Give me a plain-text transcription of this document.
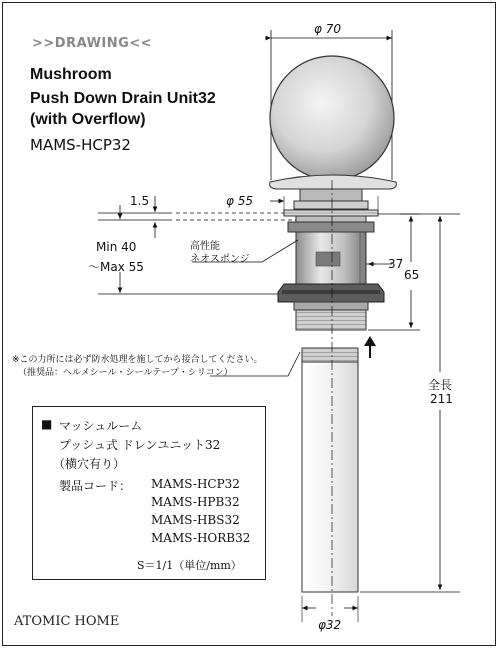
>>DRAWING<<
Mushroom
Push Down Drain Unit32
(with Overflow)
MAMS-HCP32
φ 70
1.5	φ 55
Min 40
～Max 55
高性能
ネオスポンジ	37
65
全長
211
φ32
※この力所には必ず防水処理を施してから接合してください。
（推奨品：ヘルメシール・シールテープ・シリコン）
■ マッシュルーム
プッシュ式 ドレンユニット32
（横穴有り）
製品コード： MAMS-HCP32
MAMS-HPB32
MAMS-HBS32
MAMS-HORB32
S＝1/1（単位/mm）
ATOMIC HOME
